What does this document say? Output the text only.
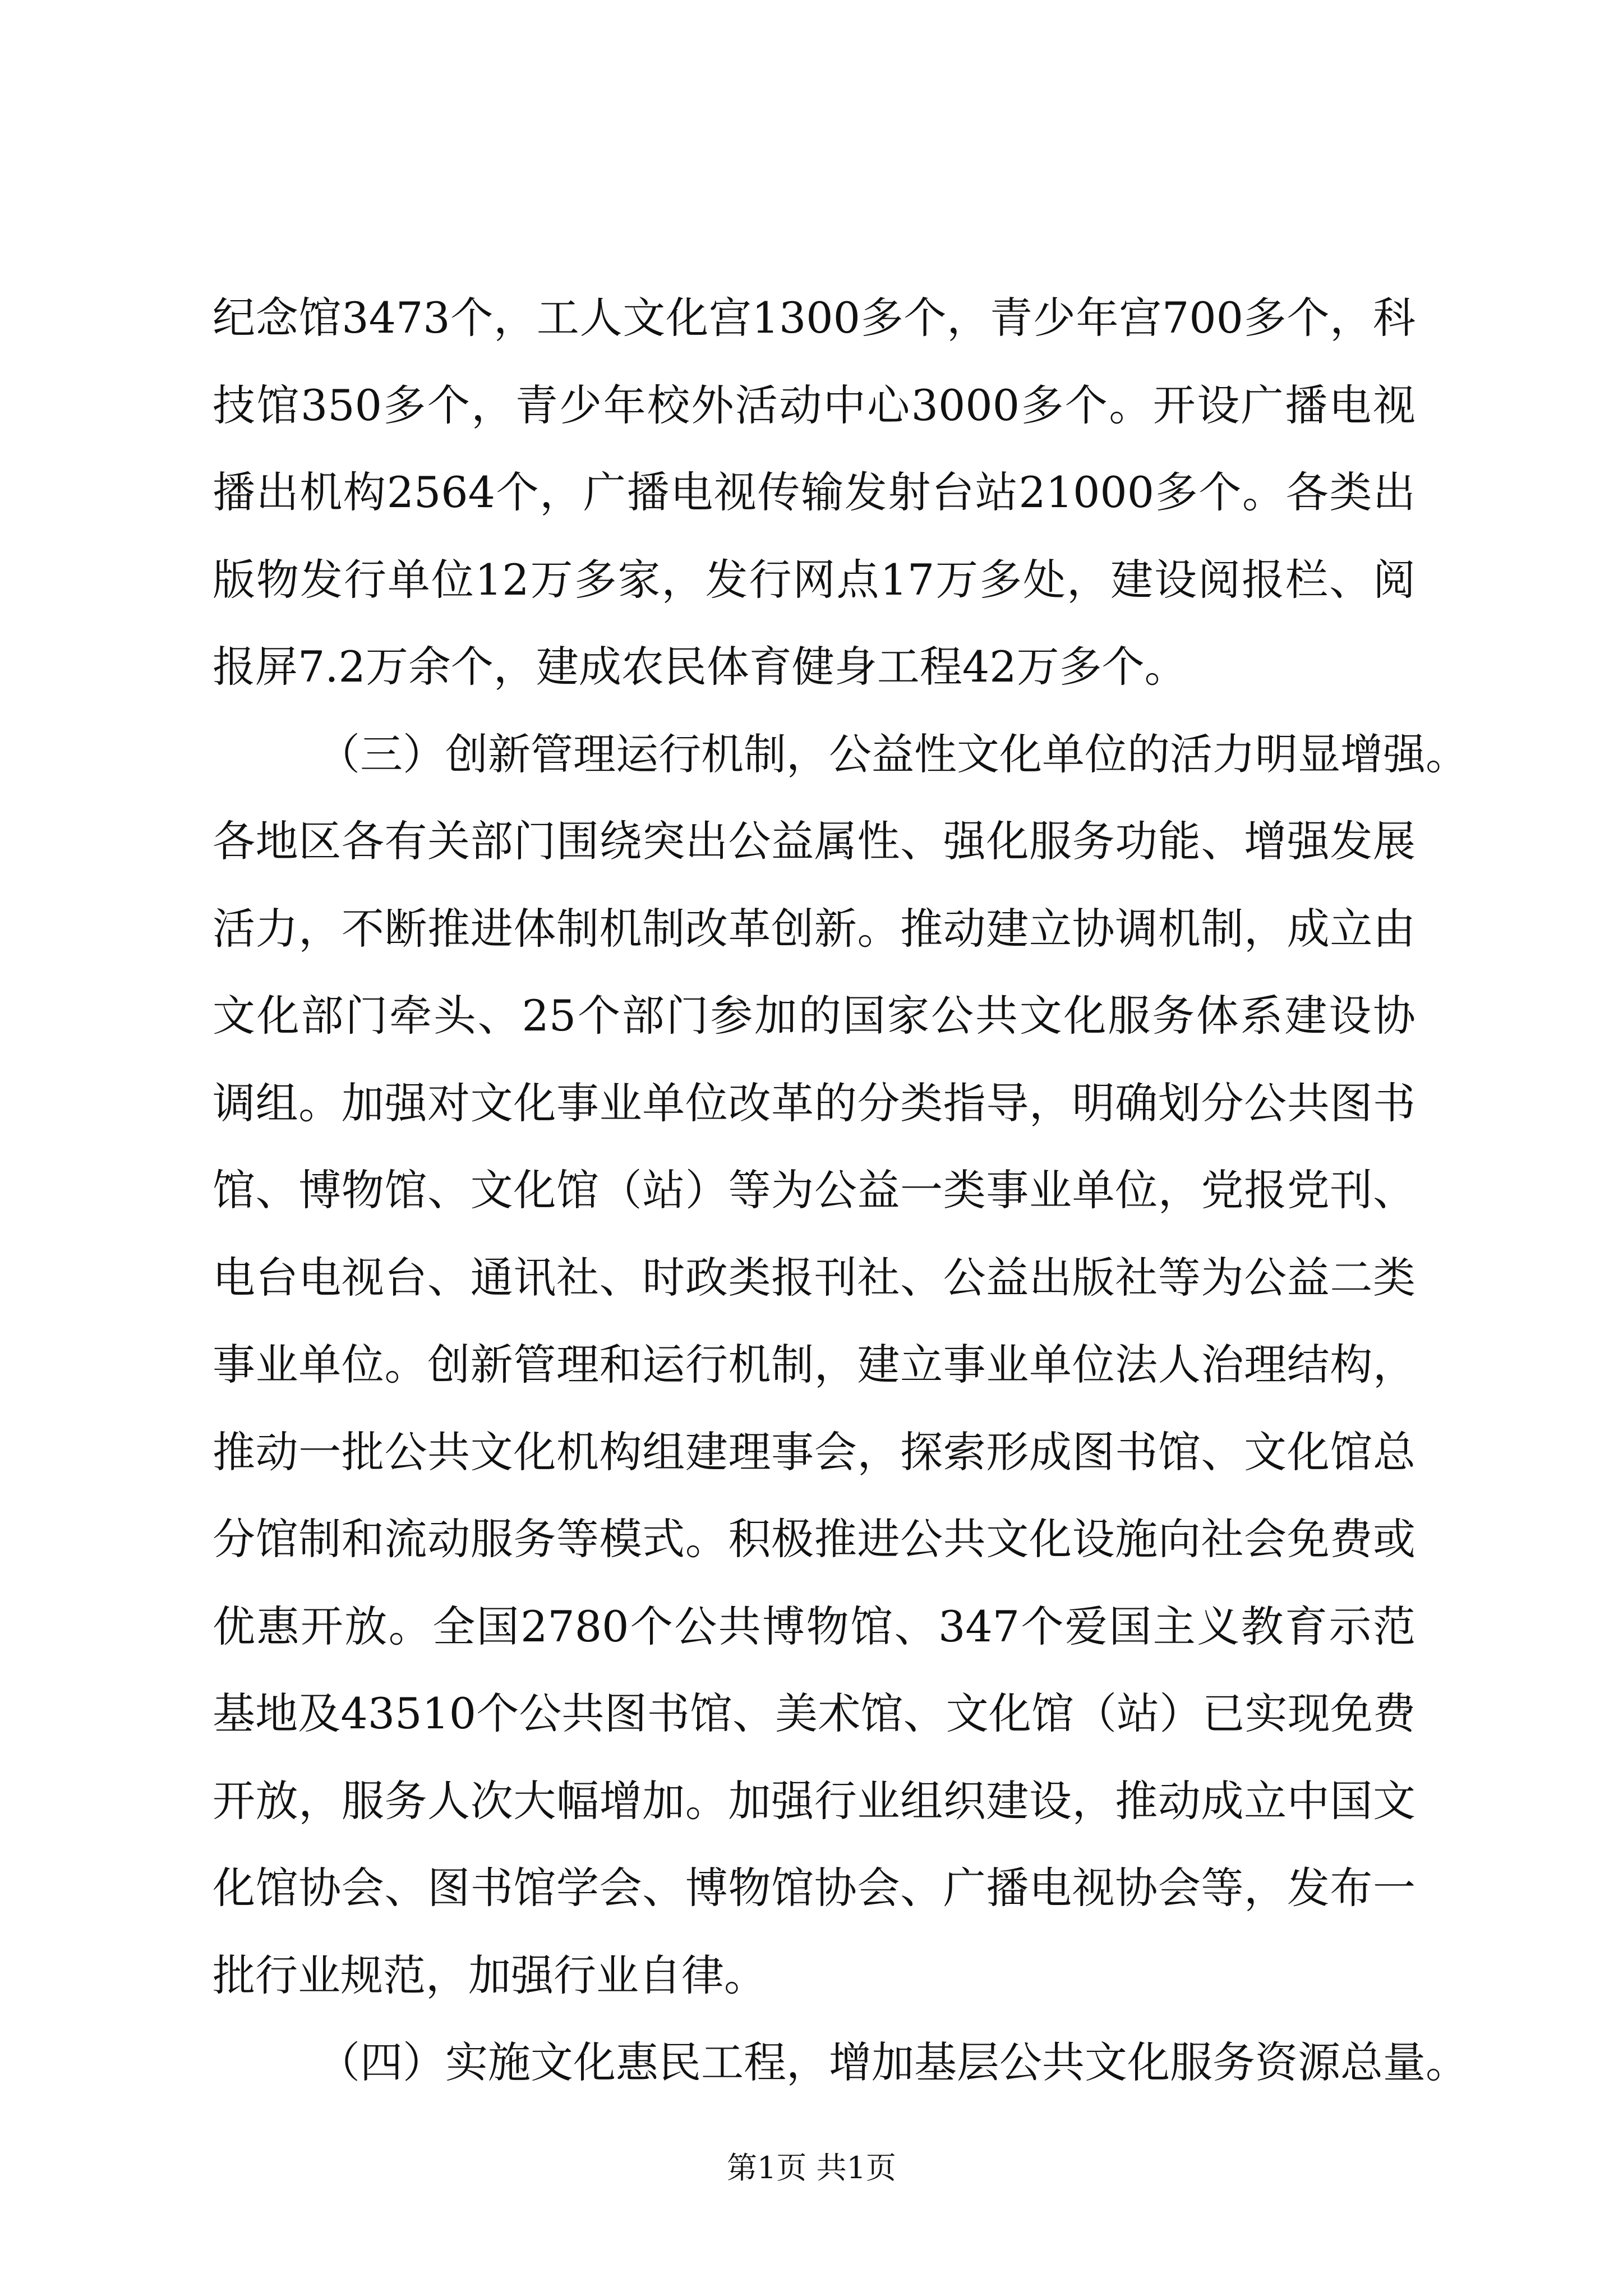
纪念馆3473个，工人文化宫1300多个，青少年宫700多个，科
技馆350多个，青少年校外活动中心3000多个。开设广播电视
播出机构2564个，广播电视传输发射台站21000多个。各类出
版物发行单位12万多家，发行网点17万多处，建设阅报栏、阅
报屏7.2万余个，建成农民体育健身工程42万多个。
（三）创新管理运行机制，公益性文化单位的活力明显增强。
各地区各有关部门围绕突出公益属性、强化服务功能、增强发展
活力，不断推进体制机制改革创新。推动建立协调机制，成立由
文化部门牵头、25个部门参加的国家公共文化服务体系建设协
调组。加强对文化事业单位改革的分类指导，明确划分公共图书
馆、博物馆、文化馆（站）等为公益一类事业单位，党报党刊、
电台电视台、通讯社、时政类报刊社、公益出版社等为公益二类
事业单位。创新管理和运行机制，建立事业单位法人治理结构，
推动一批公共文化机构组建理事会，探索形成图书馆、文化馆总
分馆制和流动服务等模式。积极推进公共文化设施向社会免费或
优惠开放。全国2780个公共博物馆、347个爱国主义教育示范
基地及43510个公共图书馆、美术馆、文化馆（站）已实现免费
开放，服务人次大幅增加。加强行业组织建设，推动成立中国文
化馆协会、图书馆学会、博物馆协会、广播电视协会等，发布一
批行业规范，加强行业自律。
（四）实施文化惠民工程，增加基层公共文化服务资源总量。
第1页 共1页
